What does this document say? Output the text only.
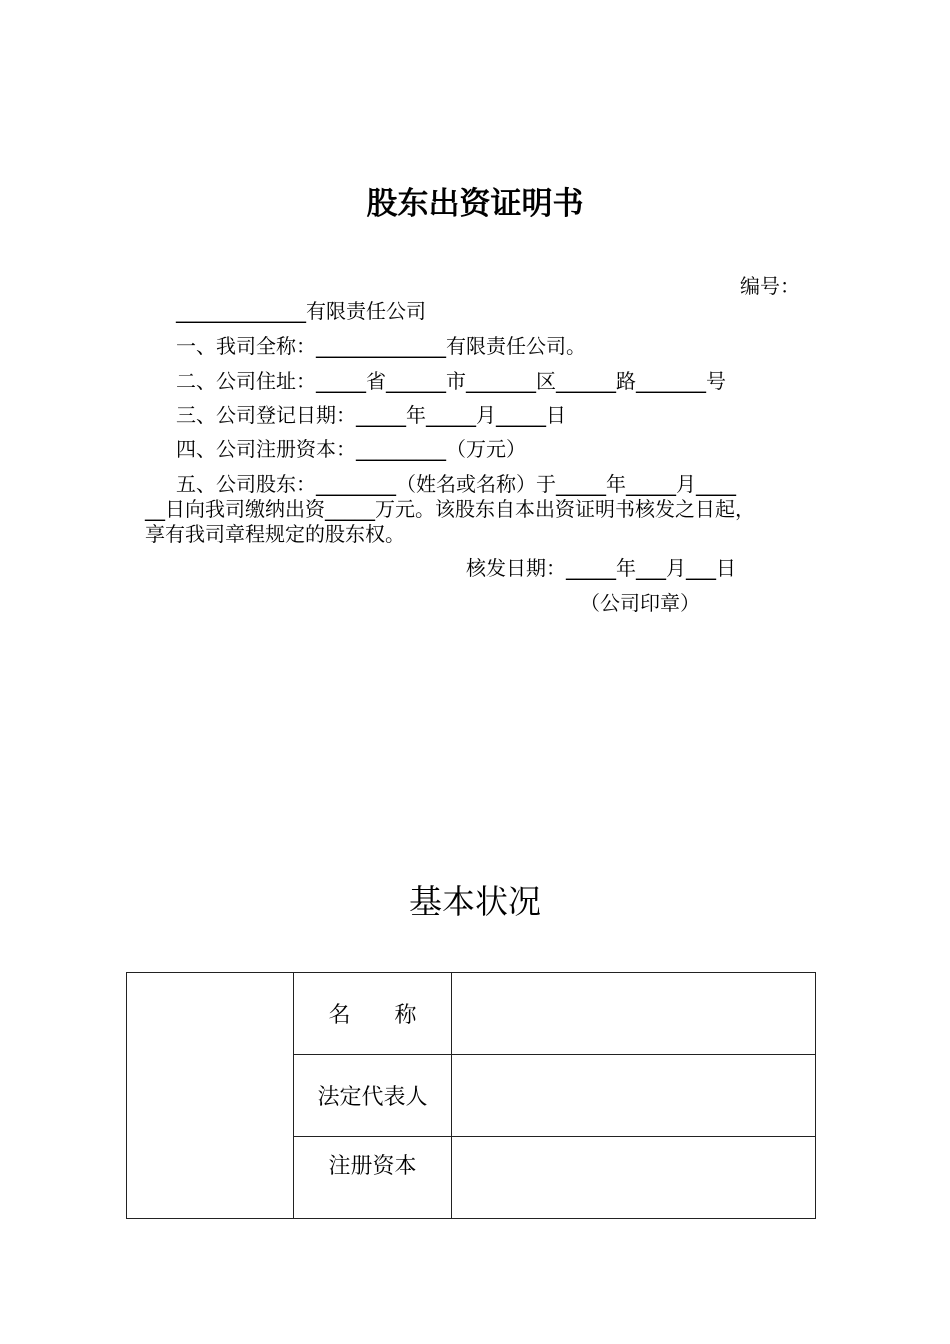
股东出资证明书
编号：
_____________有限责任公司
一、我司全称：_____________有限责任公司。
二、公司住址：_____省______市_______区______路_______号
三、公司登记日期：_____年_____月_____日
四、公司注册资本：_________（万元）
五、公司股东：________（姓名或名称）于_____年_____月____
__日向我司缴纳出资_____万元。该股东自本出资证明书核发之日起，
享有我司章程规定的股东权。
核发日期：_____年___月___日
（公司印章）
基本状况
	名　　称	
	法定代表人	
	注册资本	
